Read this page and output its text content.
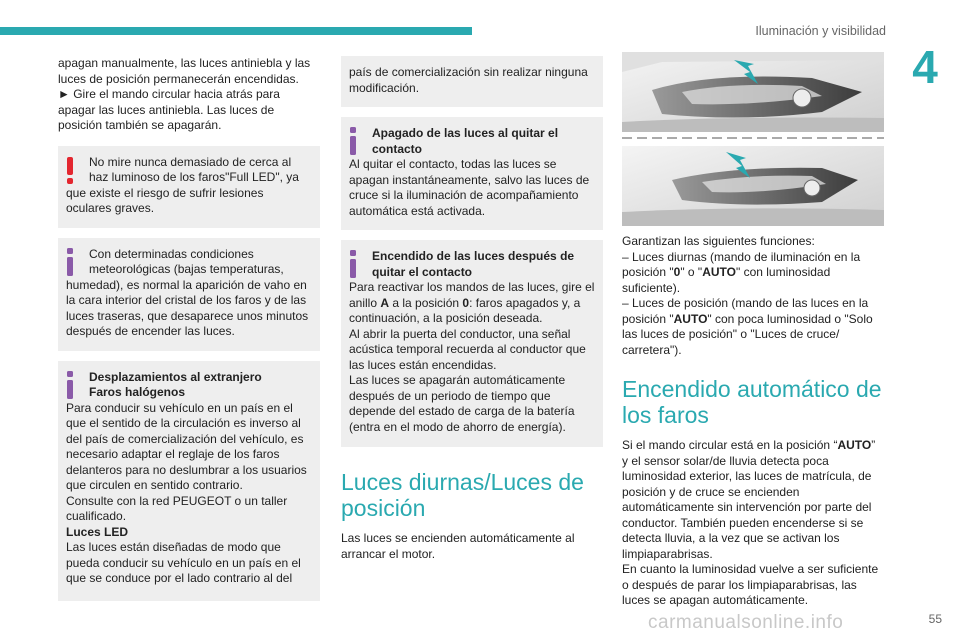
Iluminación y visibilidad
4

apagan manualmente, las luces antiniebla y las luces de posición permanecerán encendidas.

► Gire el mando circular hacia atrás para apagar las luces antiniebla. Las luces de posición también se apagarán.

No mire nunca demasiado de cerca al
haz luminoso de los faros"Full LED", ya que existe el riesgo de sufrir lesiones oculares graves.
Con determinadas condiciones
meteorológicas (bajas temperaturas, humedad), es normal la aparición de vaho en la cara interior del cristal de los faros y de las luces traseras, que desaparece unos minutos después de encender las luces.
Desplazamientos al extranjero
Faros halógenos

Para conducir su vehículo en un país en el que el sentido de la circulación es inverso al del país de comercialización del vehículo, es necesario adaptar el reglaje de los faros delanteros para no deslumbrar a los usuarios que circulen en sentido contrario.

Consulte con la red PEUGEOT o un taller cualificado.

Luces LED

Las luces están diseñadas de modo que pueda conducir su vehículo en un país en el que se conduce por el lado contrario al del

país de comercialización sin realizar ninguna modificación.

Apagado de las luces al quitar el contacto

Al quitar el contacto, todas las luces se apagan instantáneamente, salvo las luces de cruce si la iluminación de acompañamiento automática está activada.

Encendido de las luces después de quitar el contacto

Para reactivar los mandos de las luces, gire el anillo A a la posición 0: faros apagados y, a continuación, a la posición deseada.

Al abrir la puerta del conductor, una señal acústica temporal recuerda al conductor que las luces están encendidas.

Las luces se apagarán automáticamente después de un periodo de tiempo que depende del estado de carga de la batería (entra en el modo de ahorro de energía).

Luces diurnas/Luces de posición

Las luces se encienden automáticamente al arrancar el motor.

Garantizan las siguientes funciones:

– Luces diurnas (mando de iluminación en la posición "0" o "AUTO" con luminosidad suficiente).

– Luces de posición (mando de las luces en la posición "AUTO" con poca luminosidad o "Solo las luces de posición" o "Luces de cruce/ carretera").

Encendido automático de los faros

Si el mando circular está en la posición “AUTO” y el sensor solar/de lluvia detecta poca luminosidad exterior, las luces de matrícula, de posición y de cruce se encienden automáticamente sin intervención por parte del conductor. También pueden encenderse si se detecta lluvia, a la vez que se activan los limpiaparabrisas.

En cuanto la luminosidad vuelve a ser suficiente o después de parar los limpiaparabrisas, las luces se apagan automáticamente.

carmanualsonline.info	55
